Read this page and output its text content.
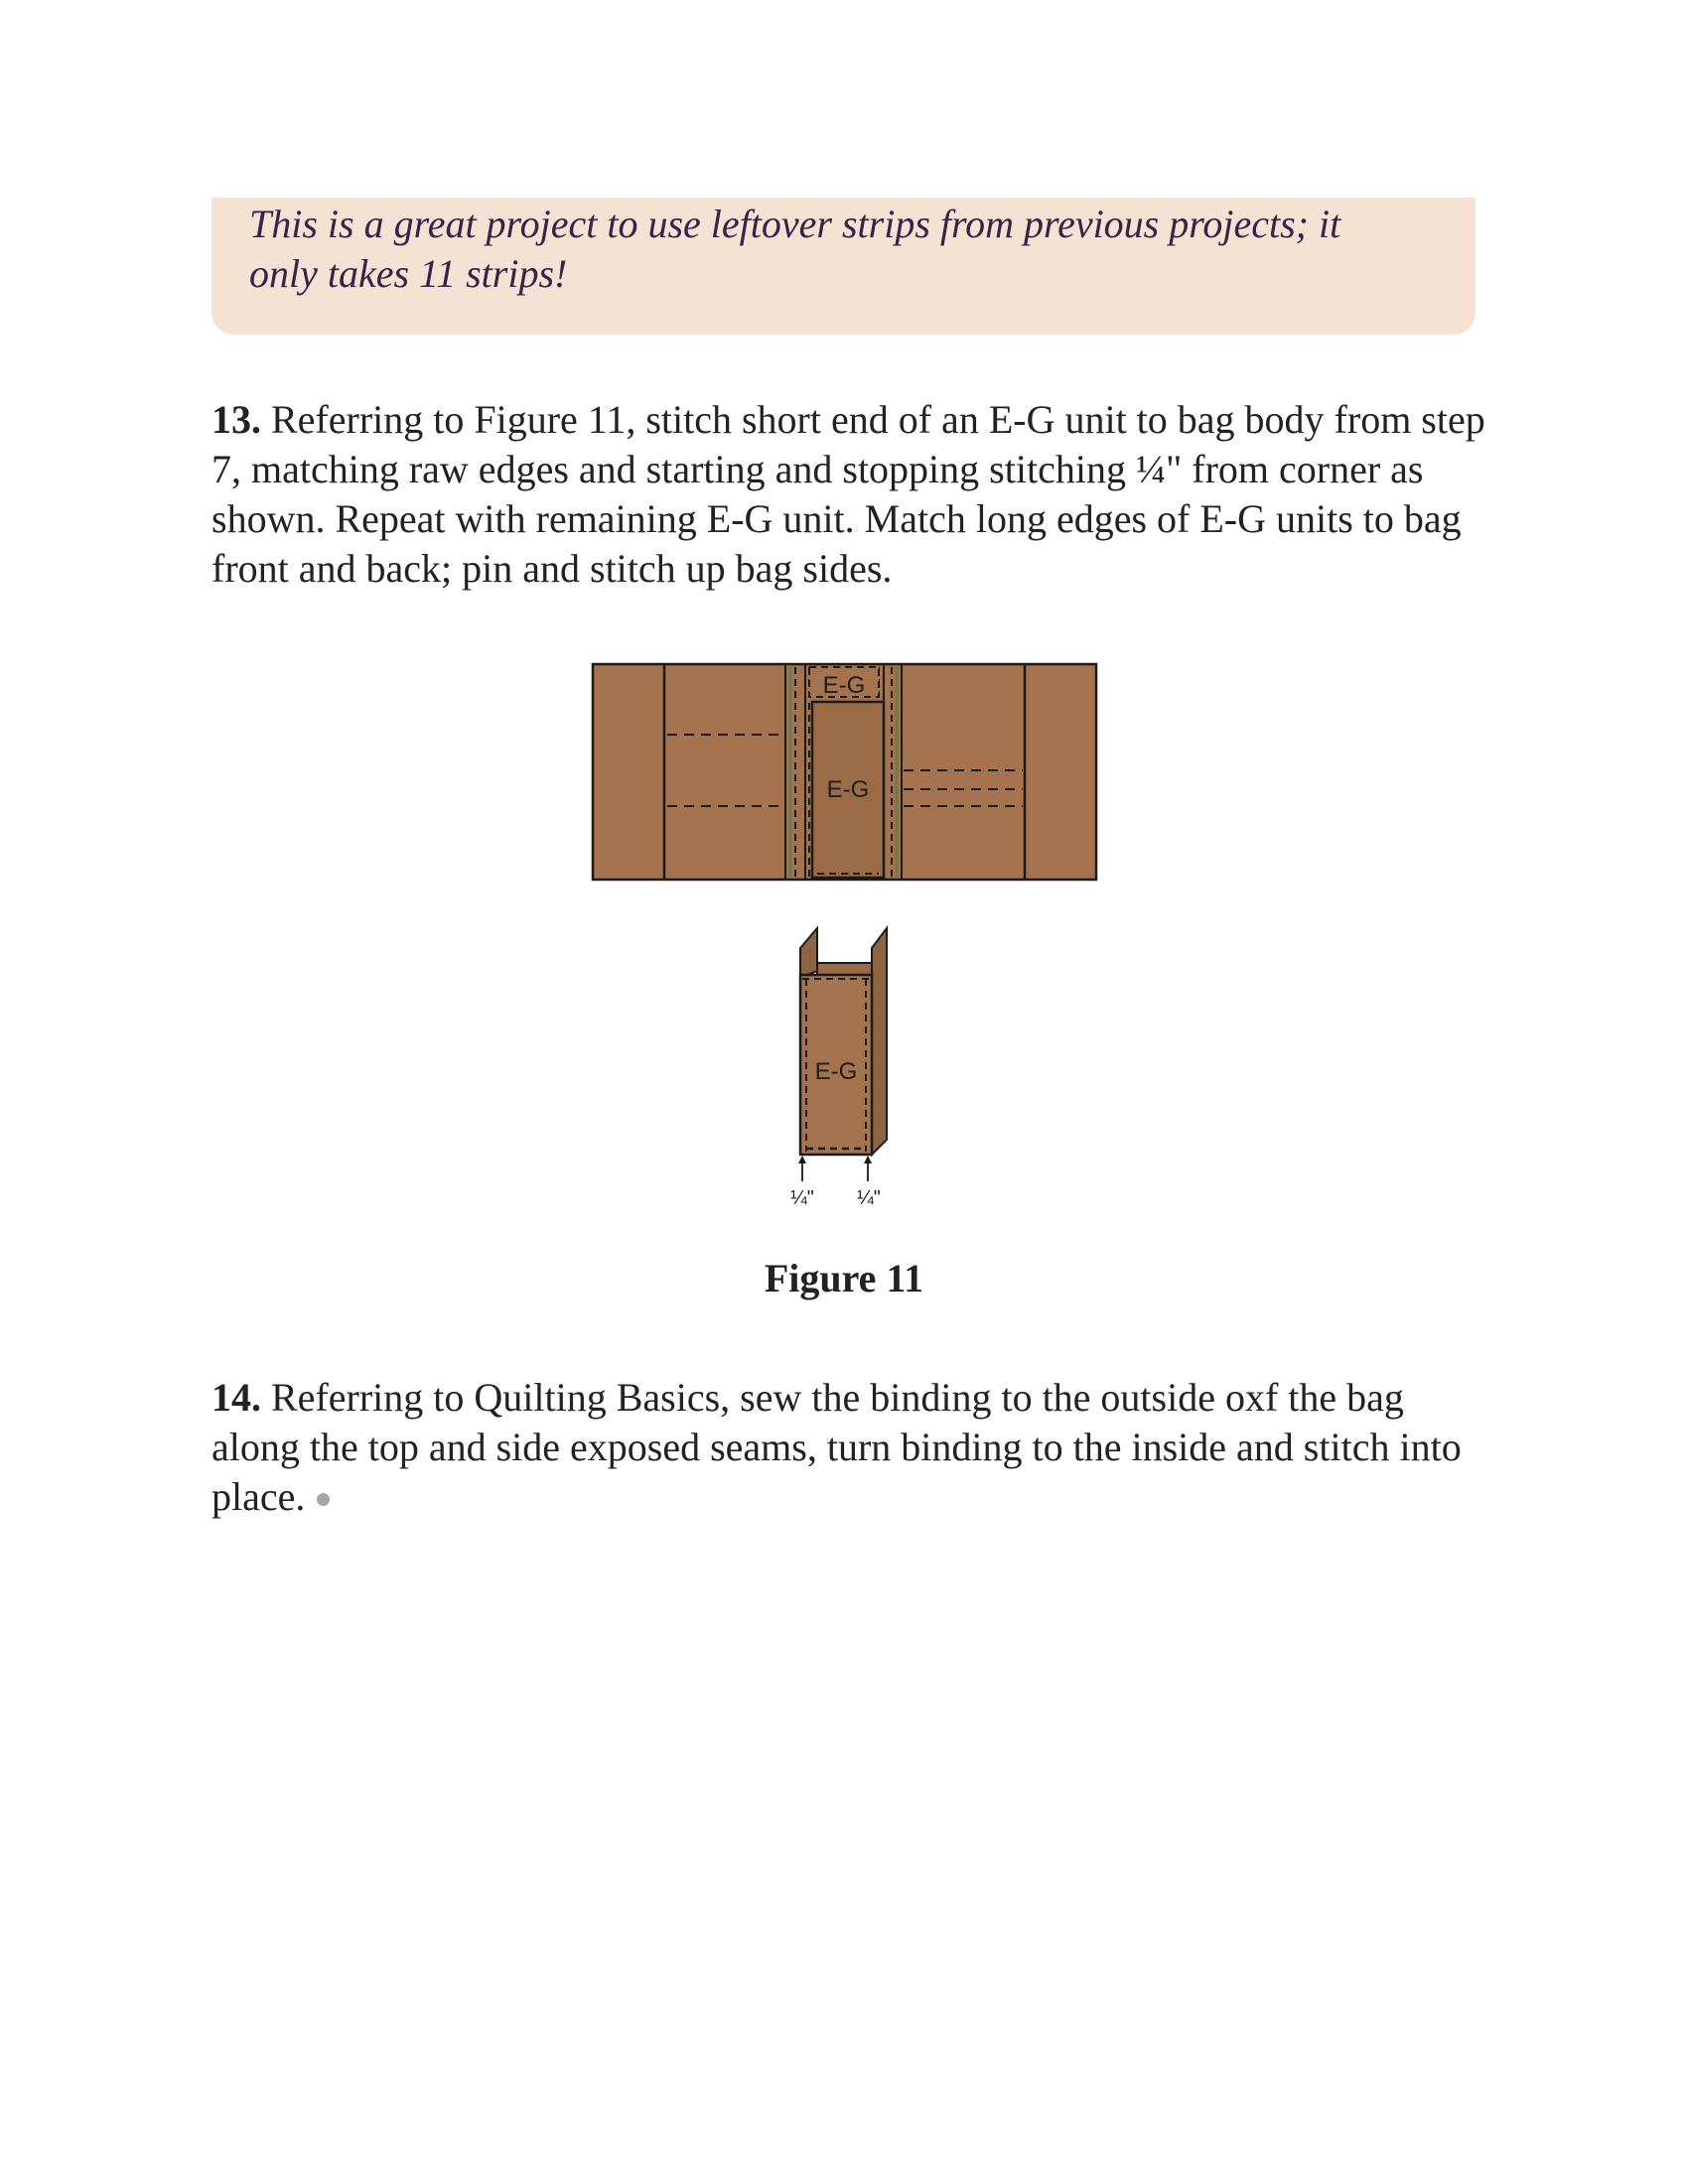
This is a great project to use leftover strips from previous projects; it only takes 11 strips!

13. Referring to Figure 11, stitch short end of an E-G unit to bag body from step 7, matching raw edges and starting and stopping stitching ¼" from corner as shown. Repeat with remaining E-G unit. Match long edges of E-G units to bag front and back; pin and stitch up bag sides.

E-G
E-G
E-G
¼" ¼"

Figure 11

14. Referring to Quilting Basics, sew the binding to the outside oxf the bag along the top and side exposed seams, turn binding to the inside and stitch into place.
